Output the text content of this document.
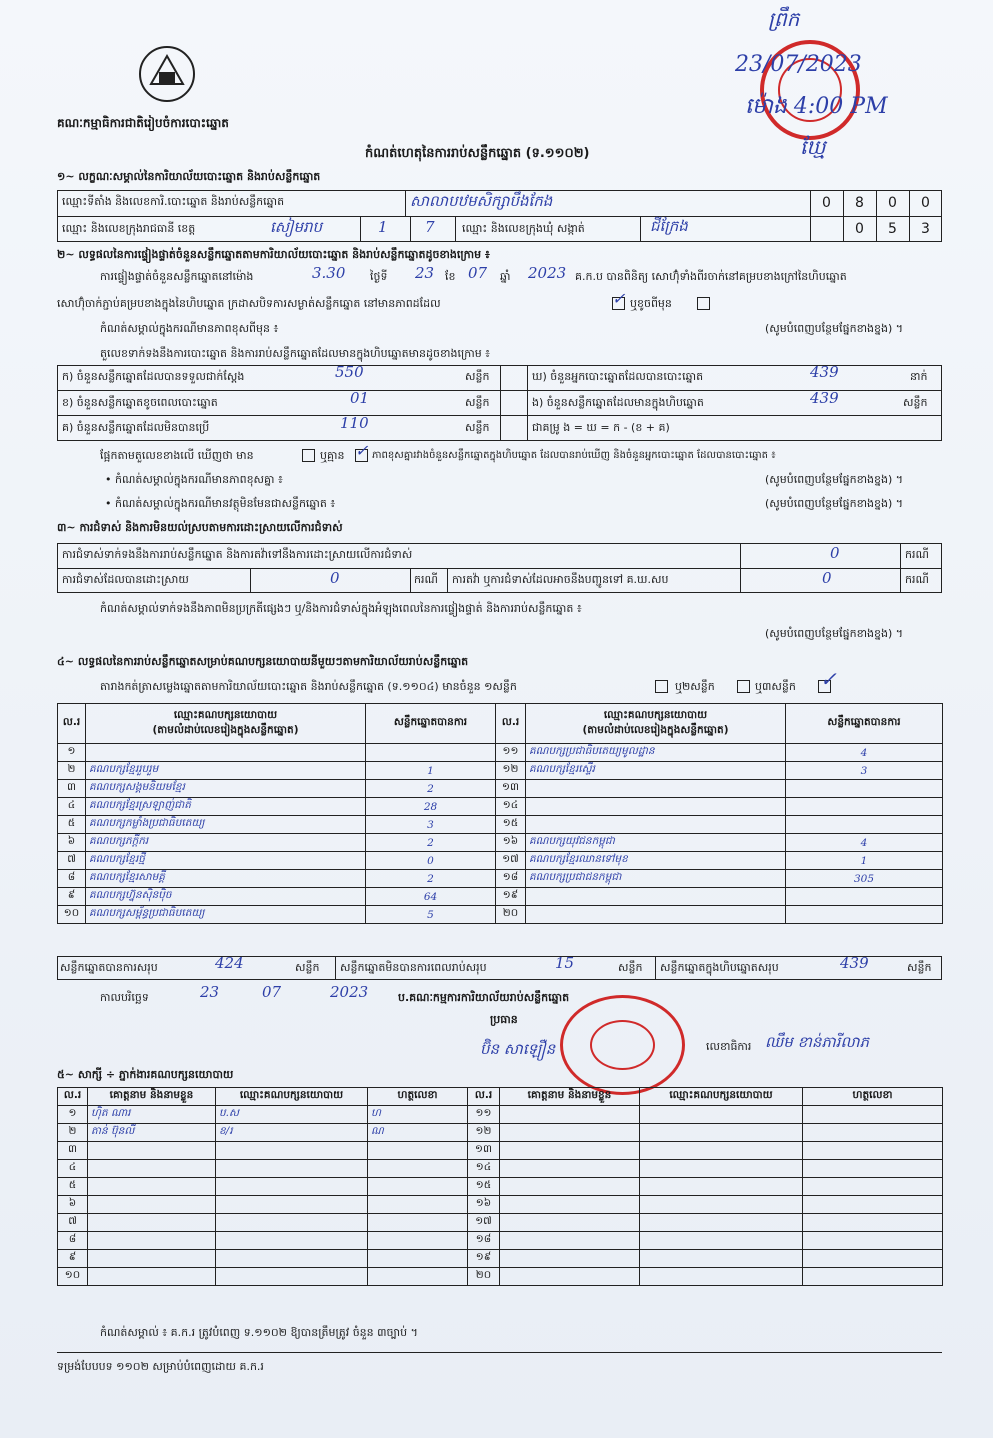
ព្រឹក
23/07/2023
ម៉ោង 4:00 PM
ឃ្មែ
គណៈកម្មាធិការជាតិរៀបចំការបោះឆ្នោត
កំណត់ហេតុនៃការរាប់សន្លឹកឆ្នោត (ទ.១១០២)
១~ លក្ខណៈសម្គាល់នៃការិយាល័យបោះឆ្នោត និងរាប់សន្លឹកឆ្នោត
ឈ្មោះទីតាំង និងលេខការិ.បោះឆ្នោត និងរាប់សន្លឹកឆ្នោត	សាលាបឋមសិក្សាបឹងកែង	0 8 0 0
ឈ្មោះ និងលេខក្រុងរាជធានី ខេត្ត	សៀមរាប	1 7 ឈ្មោះ និងលេខក្រុងឃុំ សង្កាត់	ជីក្រែង	0 5 3
២~ លទ្ធផលនៃការផ្ទៀងផ្ទាត់ចំនួនសន្លឹកឆ្នោតតាមការិយាល័យបោះឆ្នោត និងរាប់សន្លឹកឆ្នោតដូចខាងក្រោម ៖
ការផ្ទៀងផ្ទាត់ចំនួនសន្លឹកឆ្នោតនៅម៉ោង	3.30 ថ្ងៃទី 23 ខែ 07 ឆ្នាំ 2023 គ.ក.ប បានពិនិត្យ សោហ៊ុំទាំងពីរចាក់នៅគម្របខាងក្រៅនៃហិបឆ្នោត
សោហ៊ុំចាក់ភ្ជាប់គម្របខាងក្នុងនៃហិបឆ្នោត ក្រដាសបិទការសម្ងាត់សន្លឹកឆ្នោត នៅមានភាពដដែល	✓ ឬខូចពីមុន
កំណត់សម្គាល់ក្នុងករណីមានភាពខុសពីមុន ៖	(សូមបំពេញបន្ថែមផ្នែកខាងខ្នង) ។
តួលេខទាក់ទងនឹងការបោះឆ្នោត និងការរាប់សន្លឹកឆ្នោតដែលមានក្នុងហិបឆ្នោតមានដូចខាងក្រោម ៖
ក) ចំនួនសន្លឹកឆ្នោតដែលបានទទួលជាក់ស្តែង	550	សន្លឹក
ខ) ចំនួនសន្លឹកឆ្នោតខូចពេលបោះឆ្នោត	01	សន្លឹក
គ) ចំនួនសន្លឹកឆ្នោតដែលមិនបានប្រើ	110	សន្លឹក
ឃ) ចំនួនអ្នកបោះឆ្នោតដែលបានបោះឆ្នោត	439	នាក់
ង) ចំនួនសន្លឹកឆ្នោតដែលមានក្នុងហិបឆ្នោត	439	សន្លឹក
ជាគម្រូ ង = ឃ = ក - (ខ + គ)
ផ្អែកតាមតួលេខខាងលើ ឃើញថា មាន	ឬគ្មាន ✓ ភាពខុសគ្នារវាងចំនួនសន្លឹកឆ្នោតក្នុងហិបឆ្នោត ដែលបានរាប់ឃើញ និងចំនួនអ្នកបោះឆ្នោត ដែលបានបោះឆ្នោត ៖
• កំណត់សម្គាល់ក្នុងករណីមានភាពខុសគ្នា ៖	(សូមបំពេញបន្ថែមផ្នែកខាងខ្នង) ។
• កំណត់សម្គាល់ក្នុងករណីមានវត្ថុមិនមែនជាសន្លឹកឆ្នោត ៖	(សូមបំពេញបន្ថែមផ្នែកខាងខ្នង) ។
៣~ ការជំទាស់ និងការមិនយល់ស្របតាមការដោះស្រាយលើការជំទាស់
ការជំទាស់ទាក់ទងនឹងការរាប់សន្លឹកឆ្នោត និងការតវ៉ាទៅនឹងការដោះស្រាយលើការជំទាស់	0	ករណី
ការជំទាស់ដែលបានដោះស្រាយ	0	ករណី ការតវ៉ា ឬការជំទាស់ដែលអាចនឹងបញ្ជូនទៅ គ.ឃ.សប	0	ករណី
កំណត់សម្គាល់ទាក់ទងនឹងភាពមិនប្រក្រតីផ្សេងៗ ឬ/និងការជំទាស់ក្នុងអំឡុងពេលនៃការផ្ទៀងផ្ទាត់ និងការរាប់សន្លឹកឆ្នោត ៖
(សូមបំពេញបន្ថែមផ្នែកខាងខ្នង) ។
៤~ លទ្ធផលនៃការរាប់សន្លឹកឆ្នោតសម្រាប់គណបក្សនយោបាយនីមួយៗតាមការិយាល័យរាប់សន្លឹកឆ្នោត
តារាងកត់ត្រាសម្លេងឆ្នោតតាមការិយាល័យបោះឆ្នោត និងរាប់សន្លឹកឆ្នោត (ទ.១១០៤) មានចំនួន ១សន្លឹក	ឬ២សន្លឹក	ឬ៣សន្លឹក ✓
ល.រ	ឈ្មោះគណបក្សនយោបាយ
(តាមលំដាប់លេខរៀងក្នុងសន្លឹកឆ្នោត)	សន្លឹកឆ្នោតបានការ	ល.រ	ឈ្មោះគណបក្សនយោបាយ
(តាមលំដាប់លេខរៀងក្នុងសន្លឹកឆ្នោត)	សន្លឹកឆ្នោតបានការ
១			១១	គណបក្សប្រជាធិបតេយ្យមូលដ្ឋាន	4
២	គណបក្សខ្មែររួបរួម	1	១២	គណបក្សខ្មែរស្ទើរ	3
៣	គណបក្សសង្គមនិយមខ្មែរ	2	១៣		
៤	គណបក្សខ្មែរស្រឡាញ់ជាតិ	28	១៤		
៥	គណបក្សកម្លាំងប្រជាធិបតេយ្យ	3	១៥		
៦	គណបក្សភក្តីករ	2	១៦	គណបក្សយុវជនកម្ពុជា	4
៧	គណបក្សខ្មែរថ្មី	0	១៧	គណបក្សខ្មែរឈានទៅមុខ	1
៨	គណបក្សខ្មែរសាមគ្គី	2	១៨	គណបក្សប្រជាជនកម្ពុជា	305
៩	គណបក្សហ្វ៊ុនស៊ិនប៉ិច	64	១៩		
១០	គណបក្សសម្ព័ន្ធប្រជាធិបតេយ្យ	5	២០		
សន្លឹកឆ្នោតបានការសរុប	424	សន្លឹក សន្លឹកឆ្នោតមិនបានការពេលរាប់សរុប	15	សន្លឹក សន្លឹកឆ្នោតក្នុងហិបឆ្នោតសរុប	439	សន្លឹក
កាលបរិច្ឆេទ	23	07	2023	ប.គណៈកម្មការការិយាល័យរាប់សន្លឹកឆ្នោត
ប្រធាន
ប៊ិន សាឡឿន	លេខាធិការ ឈឹម ខាន់ភារីលាភ
៥~ សាក្សី ÷ ភ្នាក់ងារគណបក្សនយោបាយ
ល.រ	គោត្តនាម និងនាមខ្លួន	ឈ្មោះគណបក្សនយោបាយ	ហត្ថលេខា	ល.រ	គោត្តនាម និងនាមខ្លួន	ឈ្មោះគណបក្សនយោបាយ	ហត្ថលេខា
១	ហ៊ិត ណារ	ប.ស	ហ	១១			
២	តាន់ ប៊ុនលី	ខ/រ	ណ	១២			
៣				១៣			
៤				១៤			
៥				១៥			
៦				១៦			
៧				១៧			
៨				១៨			
៩				១៩			
១០				២០			
កំណត់សម្គាល់ ៖ គ.ក.រ ត្រូវបំពេញ ទ.១១០២ ឱ្យបានត្រឹមត្រូវ ចំនួន ៣ច្បាប់ ។
ទម្រង់បែបបទ ១១០២ សម្រាប់បំពេញដោយ គ.ក.រ
